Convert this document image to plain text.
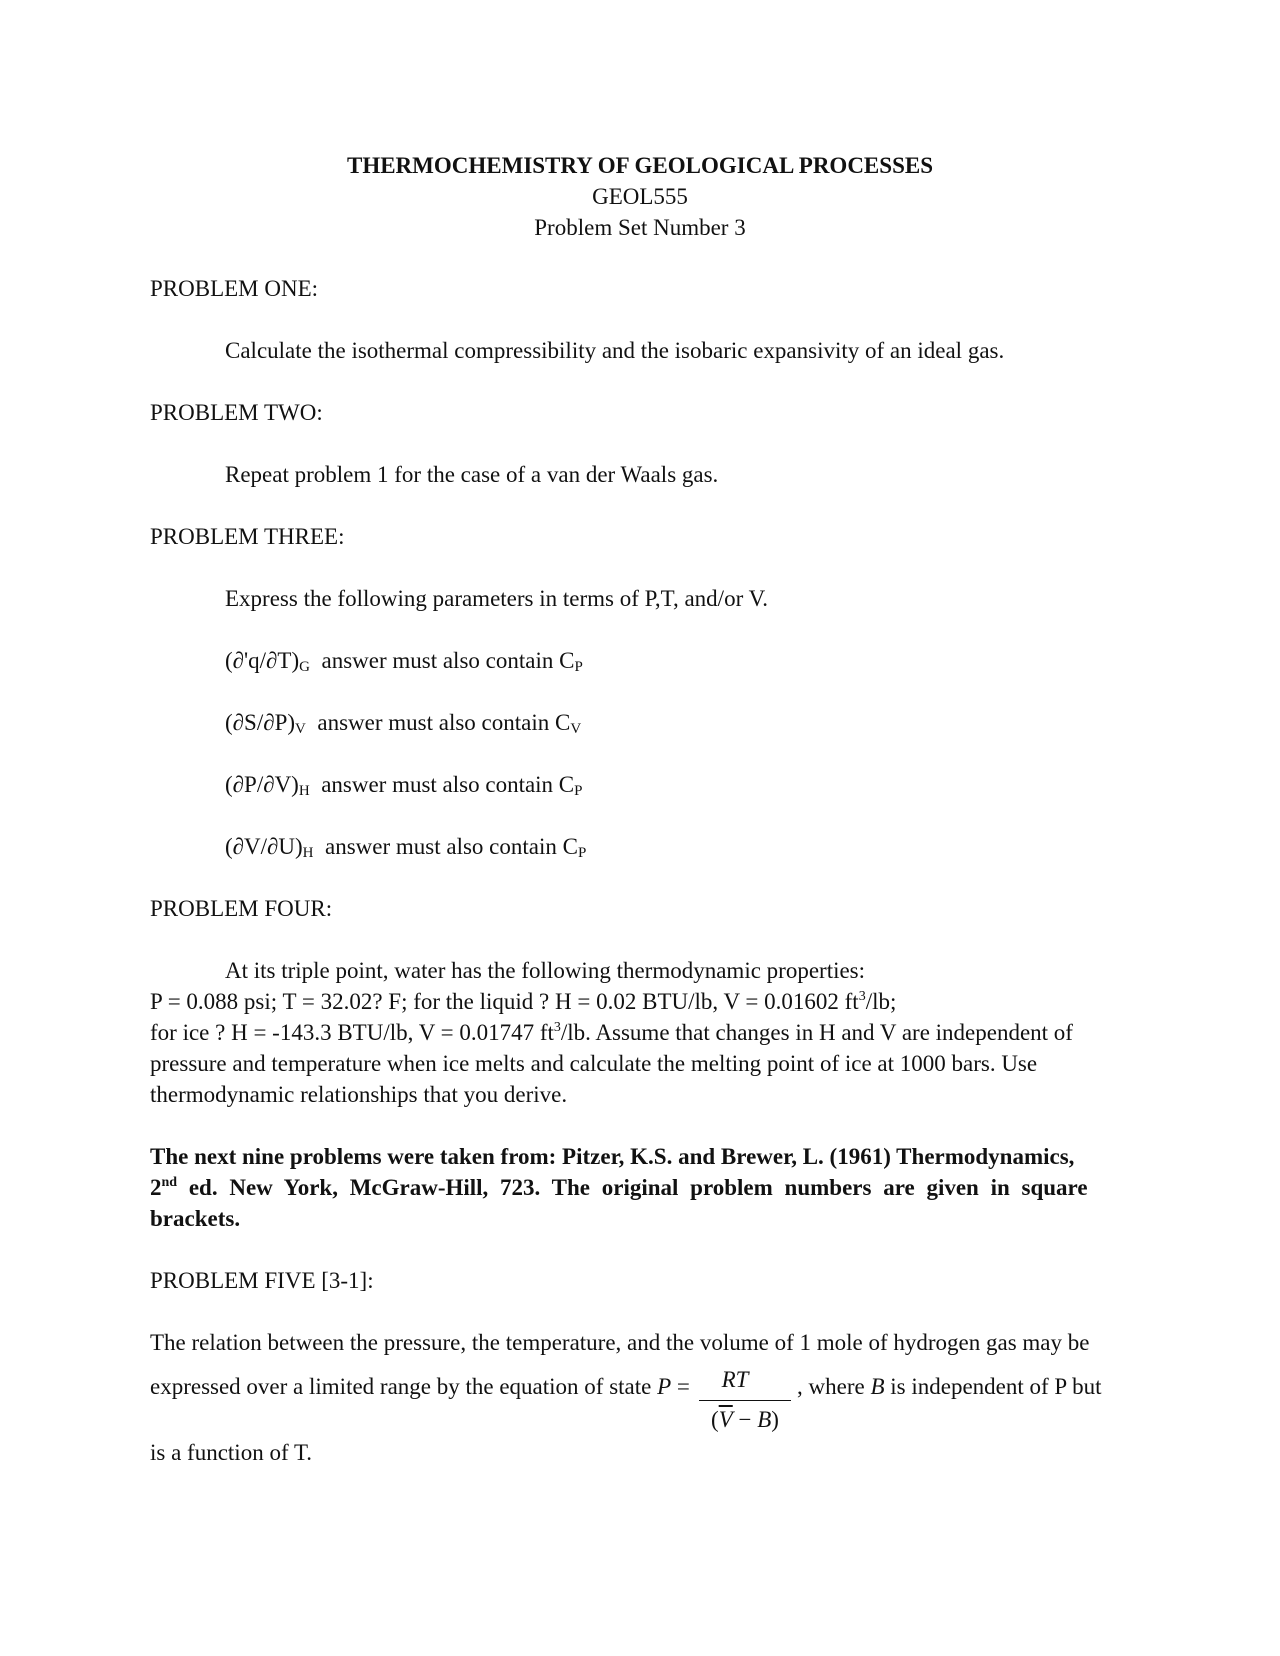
THERMOCHEMISTRY OF GEOLOGICAL PROCESSES
GEOL555
Problem Set Number 3
PROBLEM ONE:
Calculate the isothermal compressibility and the isobaric expansivity of an ideal gas.
PROBLEM TWO:
Repeat problem 1 for the case of a van der Waals gas.
PROBLEM THREE:
Express the following parameters in terms of P,T, and/or V.
$(\partial'q/\partial T)_G$ answer must also contain $C_P$
$(\partial S/\partial P)_V$ answer must also contain $C_V$
$(\partial P/\partial V)_H$ answer must also contain $C_P$
$(\partial V/\partial U)_H$ answer must also contain $C_P$
PROBLEM FOUR:
At its triple point, water has the following thermodynamic properties:
P = 0.088 psi; T = 32.02? F; for the liquid ? H = 0.02 BTU/lb, V = 0.01602 $ft^3/lb$;
for ice ? H = -143.3 BTU/lb, V = 0.01747 $ft^3/lb$. Assume that changes in H and V are independent of
pressure and temperature when ice melts and calculate the melting point of ice at 1000 bars. Use
thermodynamic relationships that you derive.
The next nine problems were taken from: Pitzer, K.S. and Brewer, L. (1961) Thermodynamics,
2nd ed. New York, McGraw-Hill, 723. The original problem numbers are given in square
brackets.
PROBLEM FIVE [3-1]:
The relation between the pressure, the temperature, and the volume of 1 mole of hydrogen gas may be
expressed over a limited range by the equation of state P =	RT
$(\overline{V} - B)$
, where B is independent of P but
is a function of T.
